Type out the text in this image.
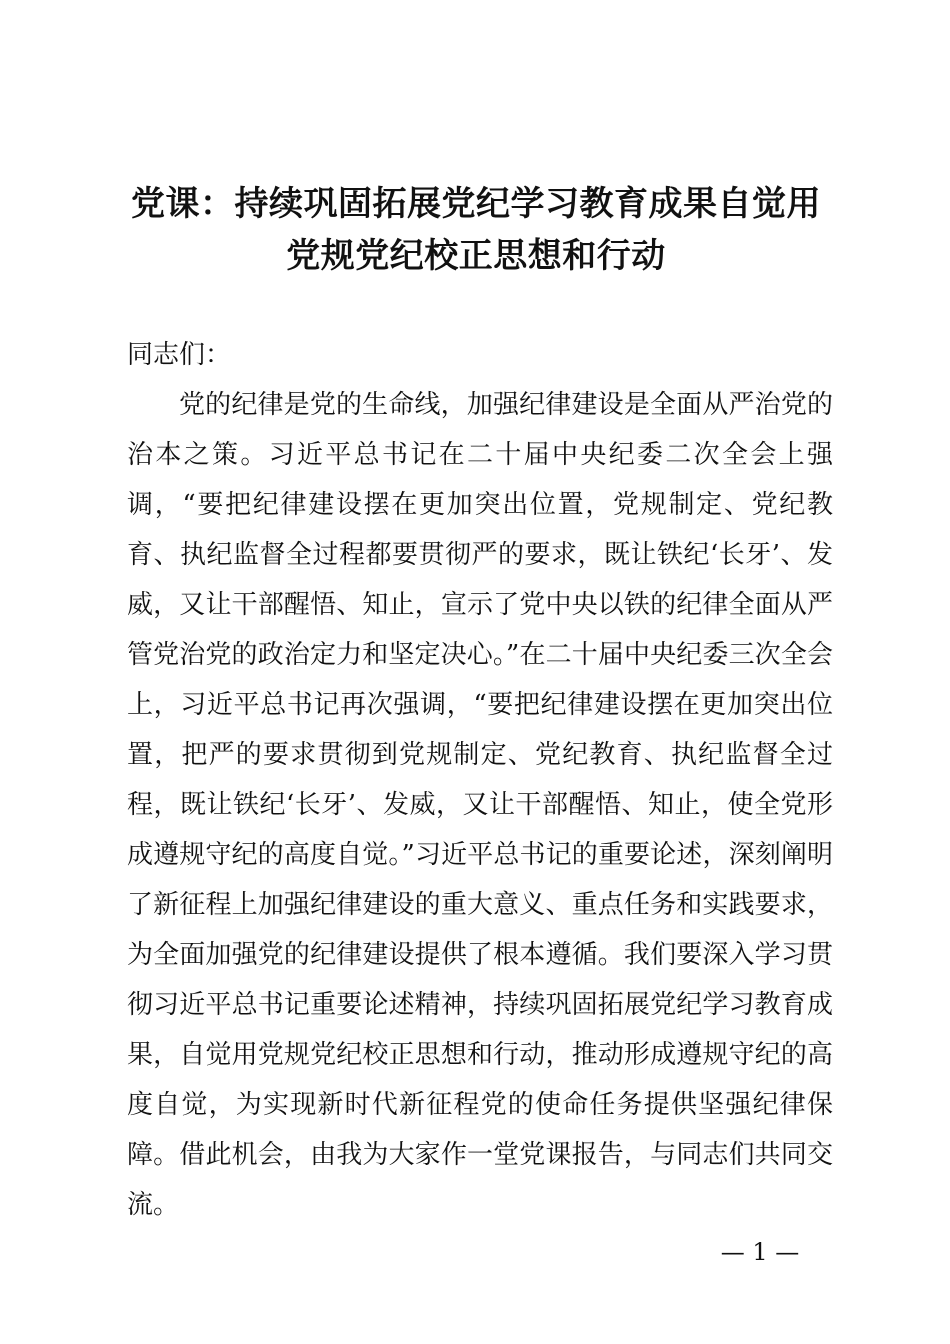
党课：持续巩固拓展党纪学习教育成果自觉用
党规党纪校正思想和行动

同志们：

党的纪律是党的生命线，加强纪律建设是全面从严治党的治本之策。习近平总书记在二十届中央纪委二次全会上强调，“要把纪律建设摆在更加突出位置，党规制定、党纪教育、执纪监督全过程都要贯彻严的要求，既让铁纪‘长牙’、发威，又让干部醒悟、知止，宣示了党中央以铁的纪律全面从严管党治党的政治定力和坚定决心。”在二十届中央纪委三次全会上，习近平总书记再次强调，“要把纪律建设摆在更加突出位置，把严的要求贯彻到党规制定、党纪教育、执纪监督全过程，既让铁纪‘长牙’、发威，又让干部醒悟、知止，使全党形成遵规守纪的高度自觉。”习近平总书记的重要论述，深刻阐明了新征程上加强纪律建设的重大意义、重点任务和实践要求，为全面加强党的纪律建设提供了根本遵循。我们要深入学习贯彻习近平总书记重要论述精神，持续巩固拓展党纪学习教育成果，自觉用党规党纪校正思想和行动，推动形成遵规守纪的高度自觉，为实现新时代新征程党的使命任务提供坚强纪律保障。借此机会，由我为大家作一堂党课报告，与同志们共同交流。

— 1 —
